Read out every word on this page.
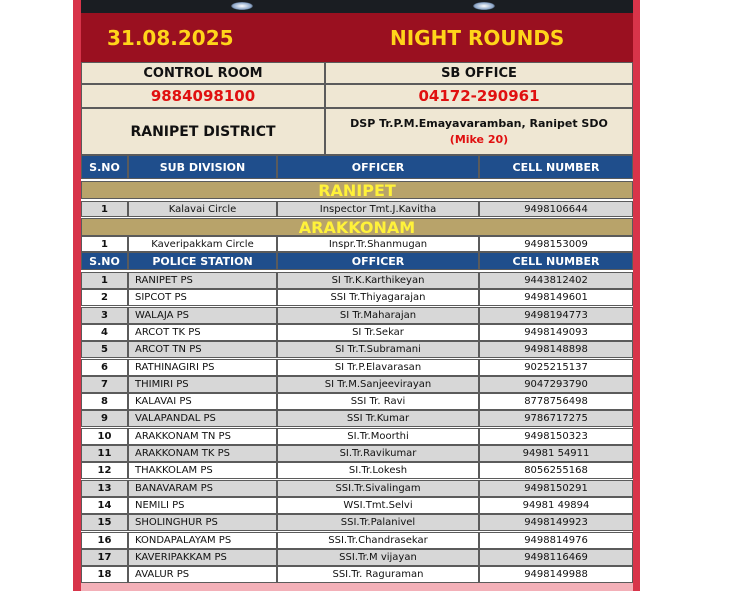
31.08.2025	NIGHT ROUNDS
CONTROL ROOM	SB OFFICE
9884098100	04172-290961
RANIPET DISTRICT
DSP Tr.P.M.Emayavaramban, Ranipet SDO
(Mike 20)
S.NO	SUB DIVISION	OFFICER	CELL NUMBER
RANIPET
1	Kalavai Circle	Inspector Tmt.J.Kavitha	9498106644
ARAKKONAM
1	Kaveripakkam Circle	Inspr.Tr.Shanmugan	9498153009
S.NO	POLICE STATION	OFFICER	CELL NUMBER
1	RANIPET PS	SI Tr.K.Karthikeyan	9443812402
2	SIPCOT PS	SSI Tr.Thiyagarajan	9498149601
3	WALAJA PS	SI Tr.Maharajan	9498194773
4	ARCOT TK PS	SI Tr.Sekar	9498149093
5	ARCOT TN PS	SI Tr.T.Subramani	9498148898
6	RATHINAGIRI PS	SI Tr.P.Elavarasan	9025215137
7	THIMIRI PS	SI Tr.M.Sanjeevirayan	9047293790
8	KALAVAI PS	SSI Tr. Ravi	8778756498
9	VALAPANDAL PS	SSI Tr.Kumar	9786717275
10	ARAKKONAM TN PS	SI.Tr.Moorthi	9498150323
11	ARAKKONAM TK PS	SI.Tr.Ravikumar	94981 54911
12	THAKKOLAM PS	SI.Tr.Lokesh	8056255168
13	BANAVARAM PS	SSI.Tr.Sivalingam	9498150291
14	NEMILI PS	WSI.Tmt.Selvi	94981 49894
15	SHOLINGHUR PS	SSI.Tr.Palanivel	9498149923
16	KONDAPALAYAM PS	SSI.Tr.Chandrasekar	9498814976
17	KAVERIPAKKAM PS	SSI.Tr.M vijayan	9498116469
18	AVALUR PS	SSI.Tr. Raguraman	9498149988
